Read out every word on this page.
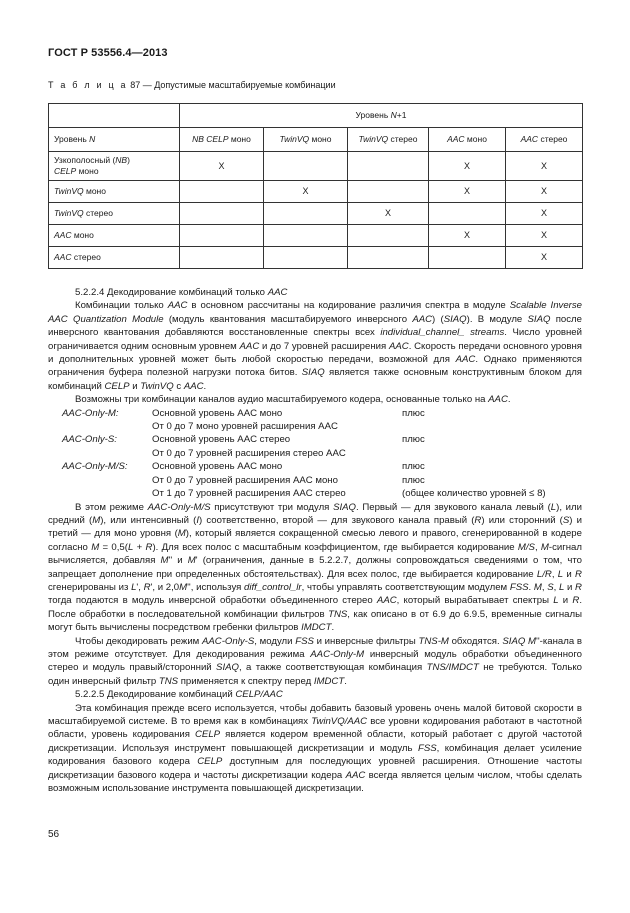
ГОСТ Р 53556.4—2013
Т а б л и ц а 87 — Допустимые масштабируемые комбинации
	Уровень N+1				
Уровень N	NB CELP моно	TwinVQ моно	TwinVQ стерео	AAC моно	AAC стерео
Узкополосный (NB)
CELP моно	X			X	X
TwinVQ моно		X		X	X
TwinVQ стерео			X		X
AAC моно				X	X
AAC стерео					X

5.2.2.4 Декодирование комбинаций только AAC

Комбинации только AAC в основном рассчитаны на кодирование различия спектра в модуле Scalable Inverse AAC Quantization Module (модуль квантования масштабируемого инверсного AAC) (SIAQ). В модуле SIAQ после инверсного квантования добавляются восстановленные спектры всех individual_channel_ streams. Число уровней ограничивается одним основным уровнем AAC и до 7 уровней расширения AAC. Скорость передачи основного уровня и дополнительных уровней может быть любой скоростью передачи, возможной для AAC. Однако применяются ограничения буфера полезной нагрузки потока битов. SIAQ является также основным конструктивным блоком для комбинаций CELP и TwinVQ с AAC.

Возможны три комбинации каналов аудио масштабируемого кодера, основанные только на AAC.

AAC-Only-M:	Основной уровень AAC моно	плюс
От 0 до 7 моно уровней расширения AAC
AAC-Only-S:	Основной уровень AAC стерео	плюс
От 0 до 7 уровней расширения стерео AAC
AAC-Only-M/S:	Основной уровень AAC моно	плюс
От 0 до 7 уровней расширения AAC моно	плюс
От 1 до 7 уровней расширения AAC стерео	(общее количество уровней ≤ 8)

В этом режиме AAC-Only-M/S присутствуют три модуля SIAQ. Первый — для звукового канала левый (L), или средний (M), или интенсивный (I) соответственно, второй — для звукового канала правый (R) или сторонний (S) и третий — для моно уровня (M), который является сокращенной смесью левого и правого, сгенерированной в кодере согласно M = 0,5(L + R). Для всех полос с масштабным коэффициентом, где выбирается кодирование M/S, M-сигнал вычисляется, добавляя M'' и M' (ограничения, данные в 5.2.2.7, должны сопровождаться сведениями о том, что запрещает дополнение при определенных обстоятельствах). Для всех полос, где выбирается кодирование L/R, L и R сгенерированы из L', R', и 2,0M'', используя diff_control_lr, чтобы управлять соответствующим модулем FSS. M, S, L и R тогда подаются в модуль инверсной обработки объединенного стерео AAC, который вырабатывает спектры L и R. После обработки в последовательной комбинации фильтров TNS, как описано в от 6.9 до 6.9.5, временные сигналы могут быть вычислены посредством гребенки фильтров IMDCT.

Чтобы декодировать режим AAC-Only-S, модули FSS и инверсные фильтры TNS-M обходятся. SIAQ M''-канала в этом режиме отсутствует. Для декодирования режима AAC-Only-M инверсный модуль обработки объединенного стерео и модуль правый/сторонний SIAQ, а также соответствующая комбинация TNS/IMDCT не требуются. Только один инверсный фильтр TNS применяется к спектру перед IMDCT.

5.2.2.5 Декодирование комбинаций CELP/AAC

Эта комбинация прежде всего используется, чтобы добавить базовый уровень очень малой битовой скорости в масштабируемой системе. В то время как в комбинациях TwinVQ/AAC все уровни кодирования работают в частотной области, уровень кодирования CELP является кодером временной области, который работает с другой частотой дискретизации. Используя инструмент повышающей дискретизации и модуль FSS, комбинация делает усиление кодирования базового кодера CELP доступным для последующих уровней расширения. Отношение частоты дискретизации базового кодера и частоты дискретизации кодера AAC всегда является целым числом, чтобы сделать возможным использование инструмента повышающей дискретизации.

56
